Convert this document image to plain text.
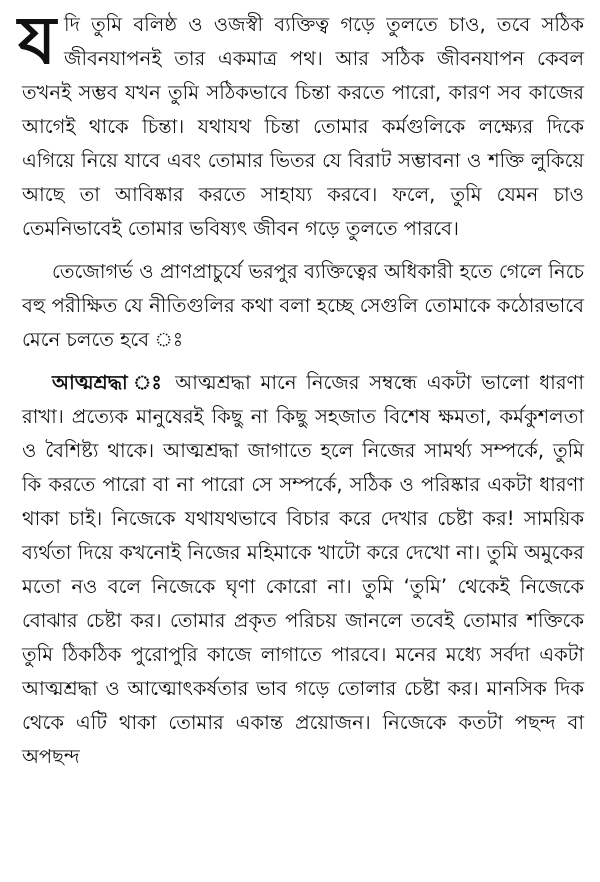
যদি তুমি বলিষ্ঠ ও ওজস্বী ব্যক্তিত্ব গড়ে তুলতে চাও, তবে সঠিক জীবনযাপনই তার একমাত্র পথ। আর সঠিক জীবনযাপন কেবল তখনই সম্ভব যখন তুমি সঠিকভাবে চিন্তা করতে পারো, কারণ সব কাজের আগেই থাকে চিন্তা। যথাযথ চিন্তা তোমার কর্মগুলিকে লক্ষ্যের দিকে এগিয়ে নিয়ে যাবে এবং তোমার ভিতর যে বিরাট সম্ভাবনা ও শক্তি লুকিয়ে আছে তা আবিষ্কার করতে সাহায্য করবে। ফলে, তুমি যেমন চাও তেমনিভাবেই তোমার ভবিষ্যৎ জীবন গড়ে তুলতে পারবে।

তেজোগর্ভ ও প্রাণপ্রাচুর্যে ভরপুর ব্যক্তিত্বের অধিকারী হতে গেলে নিচে বহু পরীক্ষিত যে নীতিগুলির কথা বলা হচ্ছে সেগুলি তোমাকে কঠোরভাবে মেনে চলতে হবে ঃ

আত্মশ্রদ্ধা ঃ আত্মশ্রদ্ধা মানে নিজের সম্বন্ধে একটা ভালো ধারণা রাখা। প্রত্যেক মানুষেরই কিছু না কিছু সহজাত বিশেষ ক্ষমতা, কর্মকুশলতা ও বৈশিষ্ট্য থাকে। আত্মশ্রদ্ধা জাগাতে হলে নিজের সামর্থ্য সম্পর্কে, তুমি কি করতে পারো বা না পারো সে সম্পর্কে, সঠিক ও পরিষ্কার একটা ধারণা থাকা চাই। নিজেকে যথাযথভাবে বিচার করে দেখার চেষ্টা কর! সাময়িক ব্যর্থতা দিয়ে কখনোই নিজের মহিমাকে খাটো করে দেখো না। তুমি অমুকের মতো নও বলে নিজেকে ঘৃণা কোরো না। তুমি ‘তুমি’ থেকেই নিজেকে বোঝার চেষ্টা কর। তোমার প্রকৃত পরিচয় জানলে তবেই তোমার শক্তিকে তুমি ঠিকঠিক পুরোপুরি কাজে লাগাতে পারবে। মনের মধ্যে সর্বদা একটা আত্মশ্রদ্ধা ও আত্মোৎকর্ষতার ভাব গড়ে তোলার চেষ্টা কর। মানসিক দিক থেকে এটি থাকা তোমার একান্ত প্রয়োজন। নিজেকে কতটা পছন্দ বা অপছন্দ
